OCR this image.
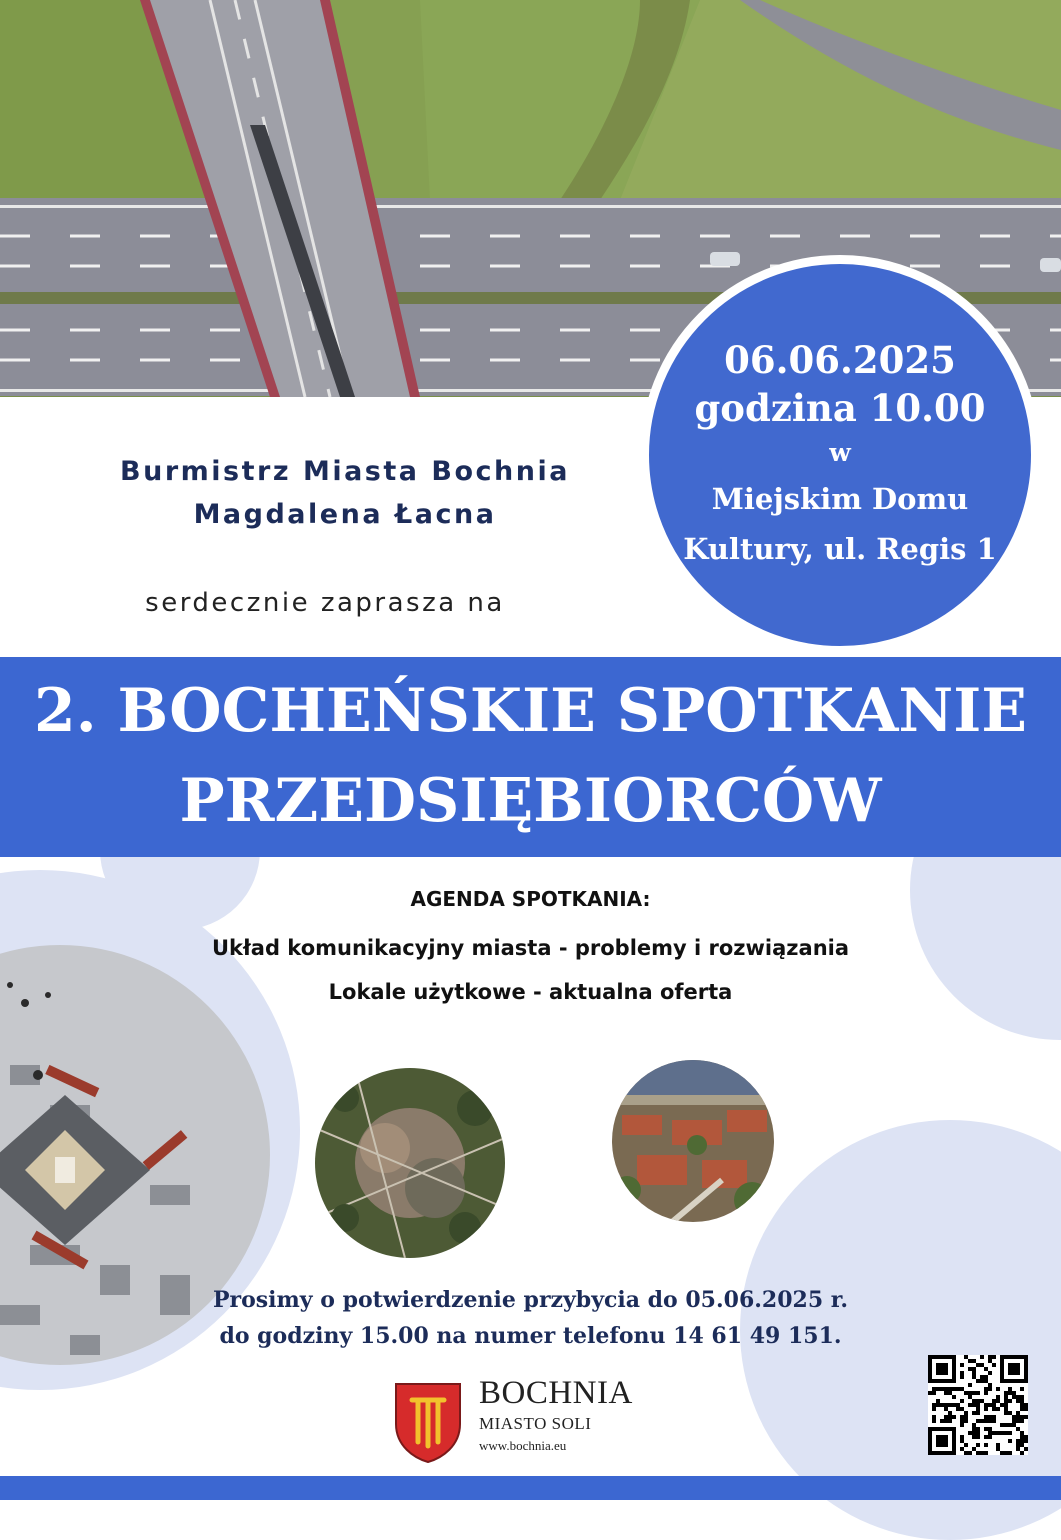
06.06.2025
godzina 10.00
w
Miejskim Domu
Kultury, ul. Regis 1
Burmistrz Miasta Bochnia
Magdalena Łacna
serdecznie zaprasza na
2. BOCHEŃSKIE SPOTKANIE
PRZEDSIĘBIORCÓW
AGENDA SPOTKANIA:
Układ komunikacyjny miasta - problemy i rozwiązania
Lokale użytkowe - aktualna oferta
Prosimy o potwierdzenie przybycia do 05.06.2025 r.
do godziny 15.00 na numer telefonu 14 61 49 151.
BOCHNIA
MIASTO SOLI
www.bochnia.eu
